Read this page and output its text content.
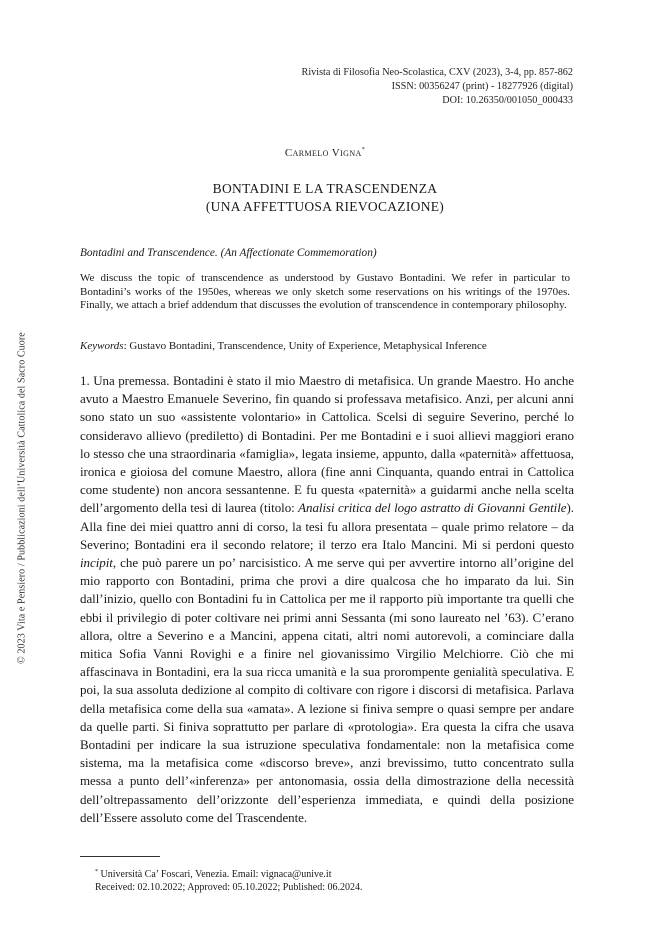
Rivista di Filosofia Neo-Scolastica, CXV (2023), 3-4, pp. 857-862
ISSN: 00356247 (print) - 18277926 (digital)
DOI: 10.26350/001050_000433
Carmelo Vigna*
BONTADINI E LA TRASCENDENZA
(UNA AFFETTUOSA RIEVOCAZIONE)
Bontadini and Transcendence. (An Affectionate Commemoration)
We discuss the topic of transcendence as understood by Gustavo Bontadini. We refer in particular to Bontadini’s works of the 1950es, whereas we only sketch some reservations on his writings of the 1970es. Finally, we attach a brief addendum that discusses the evolution of transcendence in contemporary philosophy.
Keywords: Gustavo Bontadini, Transcendence, Unity of Experience, Metaphysical Inference
1. Una premessa. Bontadini è stato il mio Maestro di metafisica. Un grande Maestro. Ho anche avuto a Maestro Emanuele Severino, fin quando si professava metafisico. Anzi, per alcuni anni sono stato un suo «assistente volontario» in Cattolica. Scelsi di seguire Severino, perché lo consideravo allievo (prediletto) di Bontadini. Per me Bontadini e i suoi allievi maggiori erano lo stesso che una straordinaria «famiglia», legata insieme, appunto, dalla «paternità» affettuosa, ironica e gioiosa del comune Maestro, allora (fine anni Cinquanta, quando entrai in Cattolica come studente) non ancora sessantenne. E fu questa «paternità» a guidarmi anche nella scelta dell’argomento della tesi di laurea (titolo: Analisi critica del logo astratto di Giovanni Gentile). Alla fine dei miei quattro anni di corso, la tesi fu allora presentata – quale primo relatore – da Severino; Bontadini era il secondo relatore; il terzo era Italo Mancini. Mi si perdoni questo incipit, che può parere un po’ narcisistico. A me serve qui per avvertire intorno all’origine del mio rapporto con Bontadini, prima che provi a dire qualcosa che ho imparato da lui. Sin dall’inizio, quello con Bontadini fu in Cattolica per me il rapporto più importante tra quelli che ebbi il privilegio di poter coltivare nei primi anni Sessanta (mi sono laureato nel ’63). C’erano allora, oltre a Severino e a Mancini, appena citati, altri nomi autorevoli, a cominciare dalla mitica Sofia Vanni Rovighi e a finire nel giovanissimo Virgilio Melchiorre. Ciò che mi affascinava in Bontadini, era la sua ricca umanità e la sua prorompente genialità speculativa. E poi, la sua assoluta dedizione al compito di coltivare con rigore i discorsi di metafisica. Parlava della metafisica come della sua «amata». A lezione si finiva sempre o quasi sempre per andare da quelle parti. Si finiva soprattutto per parlare di «protologia». Era questa la cifra che usava Bontadini per indicare la sua istruzione speculativa fondamentale: non la metafisica come sistema, ma la metafisica come «discorso breve», anzi brevissimo, tutto concentrato sulla messa a punto dell’«inferenza» per antonomasia, ossia della dimostrazione della necessità dell’oltrepassamento dell’orizzonte dell’esperienza immediata, e quindi della posizione dell’Essere assoluto come del Trascendente.
* Università Ca’ Foscari, Venezia. Email: vignaca@unive.it
Received: 02.10.2022; Approved: 05.10.2022; Published: 06.2024.
© 2023 Vita e Pensiero / Pubblicazioni dell’Università Cattolica del Sacro Cuore
